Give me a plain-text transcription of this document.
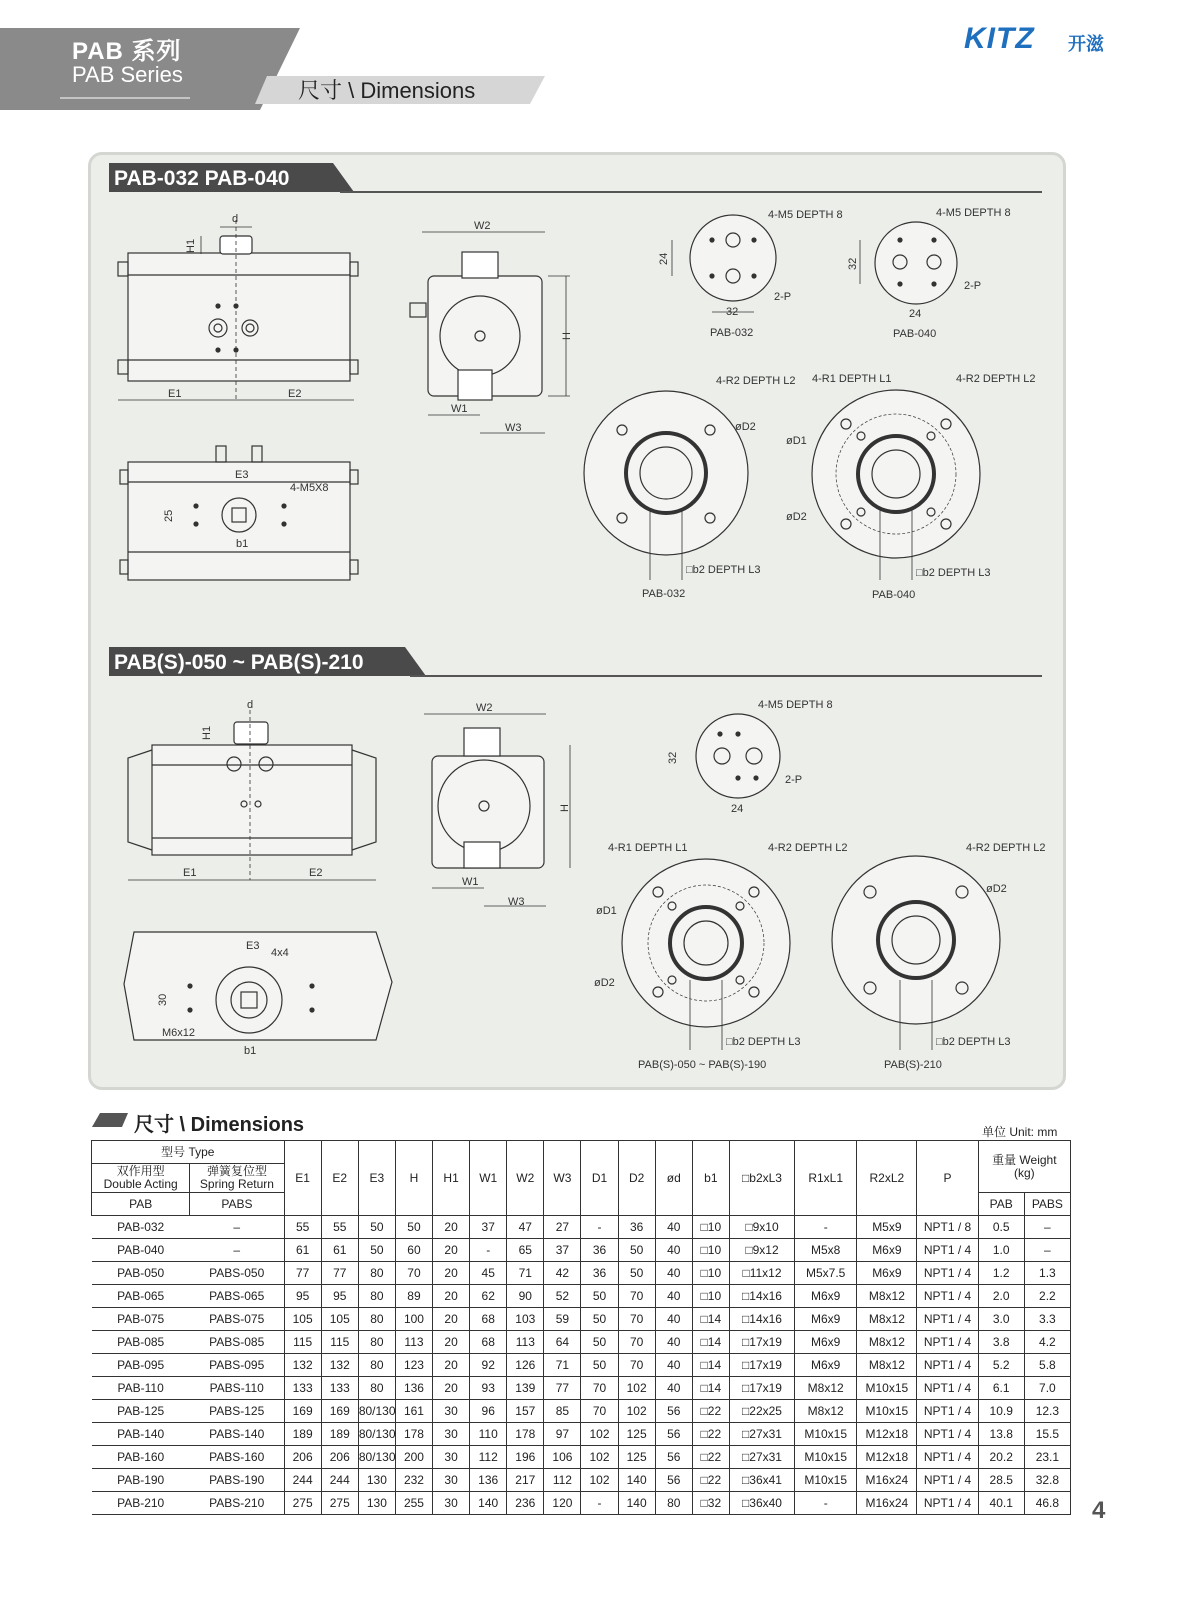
PAB 系列
PAB Series
尺寸 \ Dimensions
KITZ 开滋
PAB-032 PAB-040
PAB(S)-050 ~ PAB(S)-210
d
H1
E1	E2
W2
H
W1
W3
E3
4-M5X8
b1
25
4-M5 DEPTH 8
2-P
24
32
PAB-032
4-M5 DEPTH 8
2-P
32
24
PAB-040
4-R2 DEPTH L2
øD2
□b2 DEPTH L3
PAB-032
4-R1 DEPTH L1	4-R2 DEPTH L2
øD1
øD2
□b2 DEPTH L3
PAB-040
d
H1
E1	E2
W2
H
W1
W3
E3
4x4
30
M6x12
b1
4-M5 DEPTH 8
2-P
32
24
4-R1 DEPTH L1	4-R2 DEPTH L2
øD1
øD2
□b2 DEPTH L3
PAB(S)-050 ~ PAB(S)-190
4-R2 DEPTH L2
øD2
□b2 DEPTH L3
PAB(S)-210
尺寸 \ Dimensions	单位 Unit: mm
型号 Type		E1	E2	E3	H	H1	W1	W2	W3	D1	D2	ød	b1	□b2xL3	R1xL1	R2xL2	P	重量 Weight
(kg)	
双作用型
Double Acting	弹簧复位型
Spring Return																		
PAB	PABS																	PAB	PABS
PAB-032	–	55	55	50	50	20	37	47	27	-	36	40	□10	□9x10	-	M5x9	NPT1 / 8	0.5	–
PAB-040	–	61	61	50	60	20	-	65	37	36	50	40	□10	□9x12	M5x8	M6x9	NPT1 / 4	1.0	–
PAB-050	PABS-050	77	77	80	70	20	45	71	42	36	50	40	□10	□11x12	M5x7.5	M6x9	NPT1 / 4	1.2	1.3
PAB-065	PABS-065	95	95	80	89	20	62	90	52	50	70	40	□10	□14x16	M6x9	M8x12	NPT1 / 4	2.0	2.2
PAB-075	PABS-075	105	105	80	100	20	68	103	59	50	70	40	□14	□14x16	M6x9	M8x12	NPT1 / 4	3.0	3.3
PAB-085	PABS-085	115	115	80	113	20	68	113	64	50	70	40	□14	□17x19	M6x9	M8x12	NPT1 / 4	3.8	4.2
PAB-095	PABS-095	132	132	80	123	20	92	126	71	50	70	40	□14	□17x19	M6x9	M8x12	NPT1 / 4	5.2	5.8
PAB-110	PABS-110	133	133	80	136	20	93	139	77	70	102	40	□14	□17x19	M8x12	M10x15	NPT1 / 4	6.1	7.0
PAB-125	PABS-125	169	169	80/130	161	30	96	157	85	70	102	56	□22	□22x25	M8x12	M10x15	NPT1 / 4	10.9	12.3
PAB-140	PABS-140	189	189	80/130	178	30	110	178	97	102	125	56	□22	□27x31	M10x15	M12x18	NPT1 / 4	13.8	15.5
PAB-160	PABS-160	206	206	80/130	200	30	112	196	106	102	125	56	□22	□27x31	M10x15	M12x18	NPT1 / 4	20.2	23.1
PAB-190	PABS-190	244	244	130	232	30	136	217	112	102	140	56	□22	□36x41	M10x15	M16x24	NPT1 / 4	28.5	32.8
PAB-210	PABS-210	275	275	130	255	30	140	236	120	-	140	80	□32	□36x40	-	M16x24	NPT1 / 4	40.1	46.8 4
